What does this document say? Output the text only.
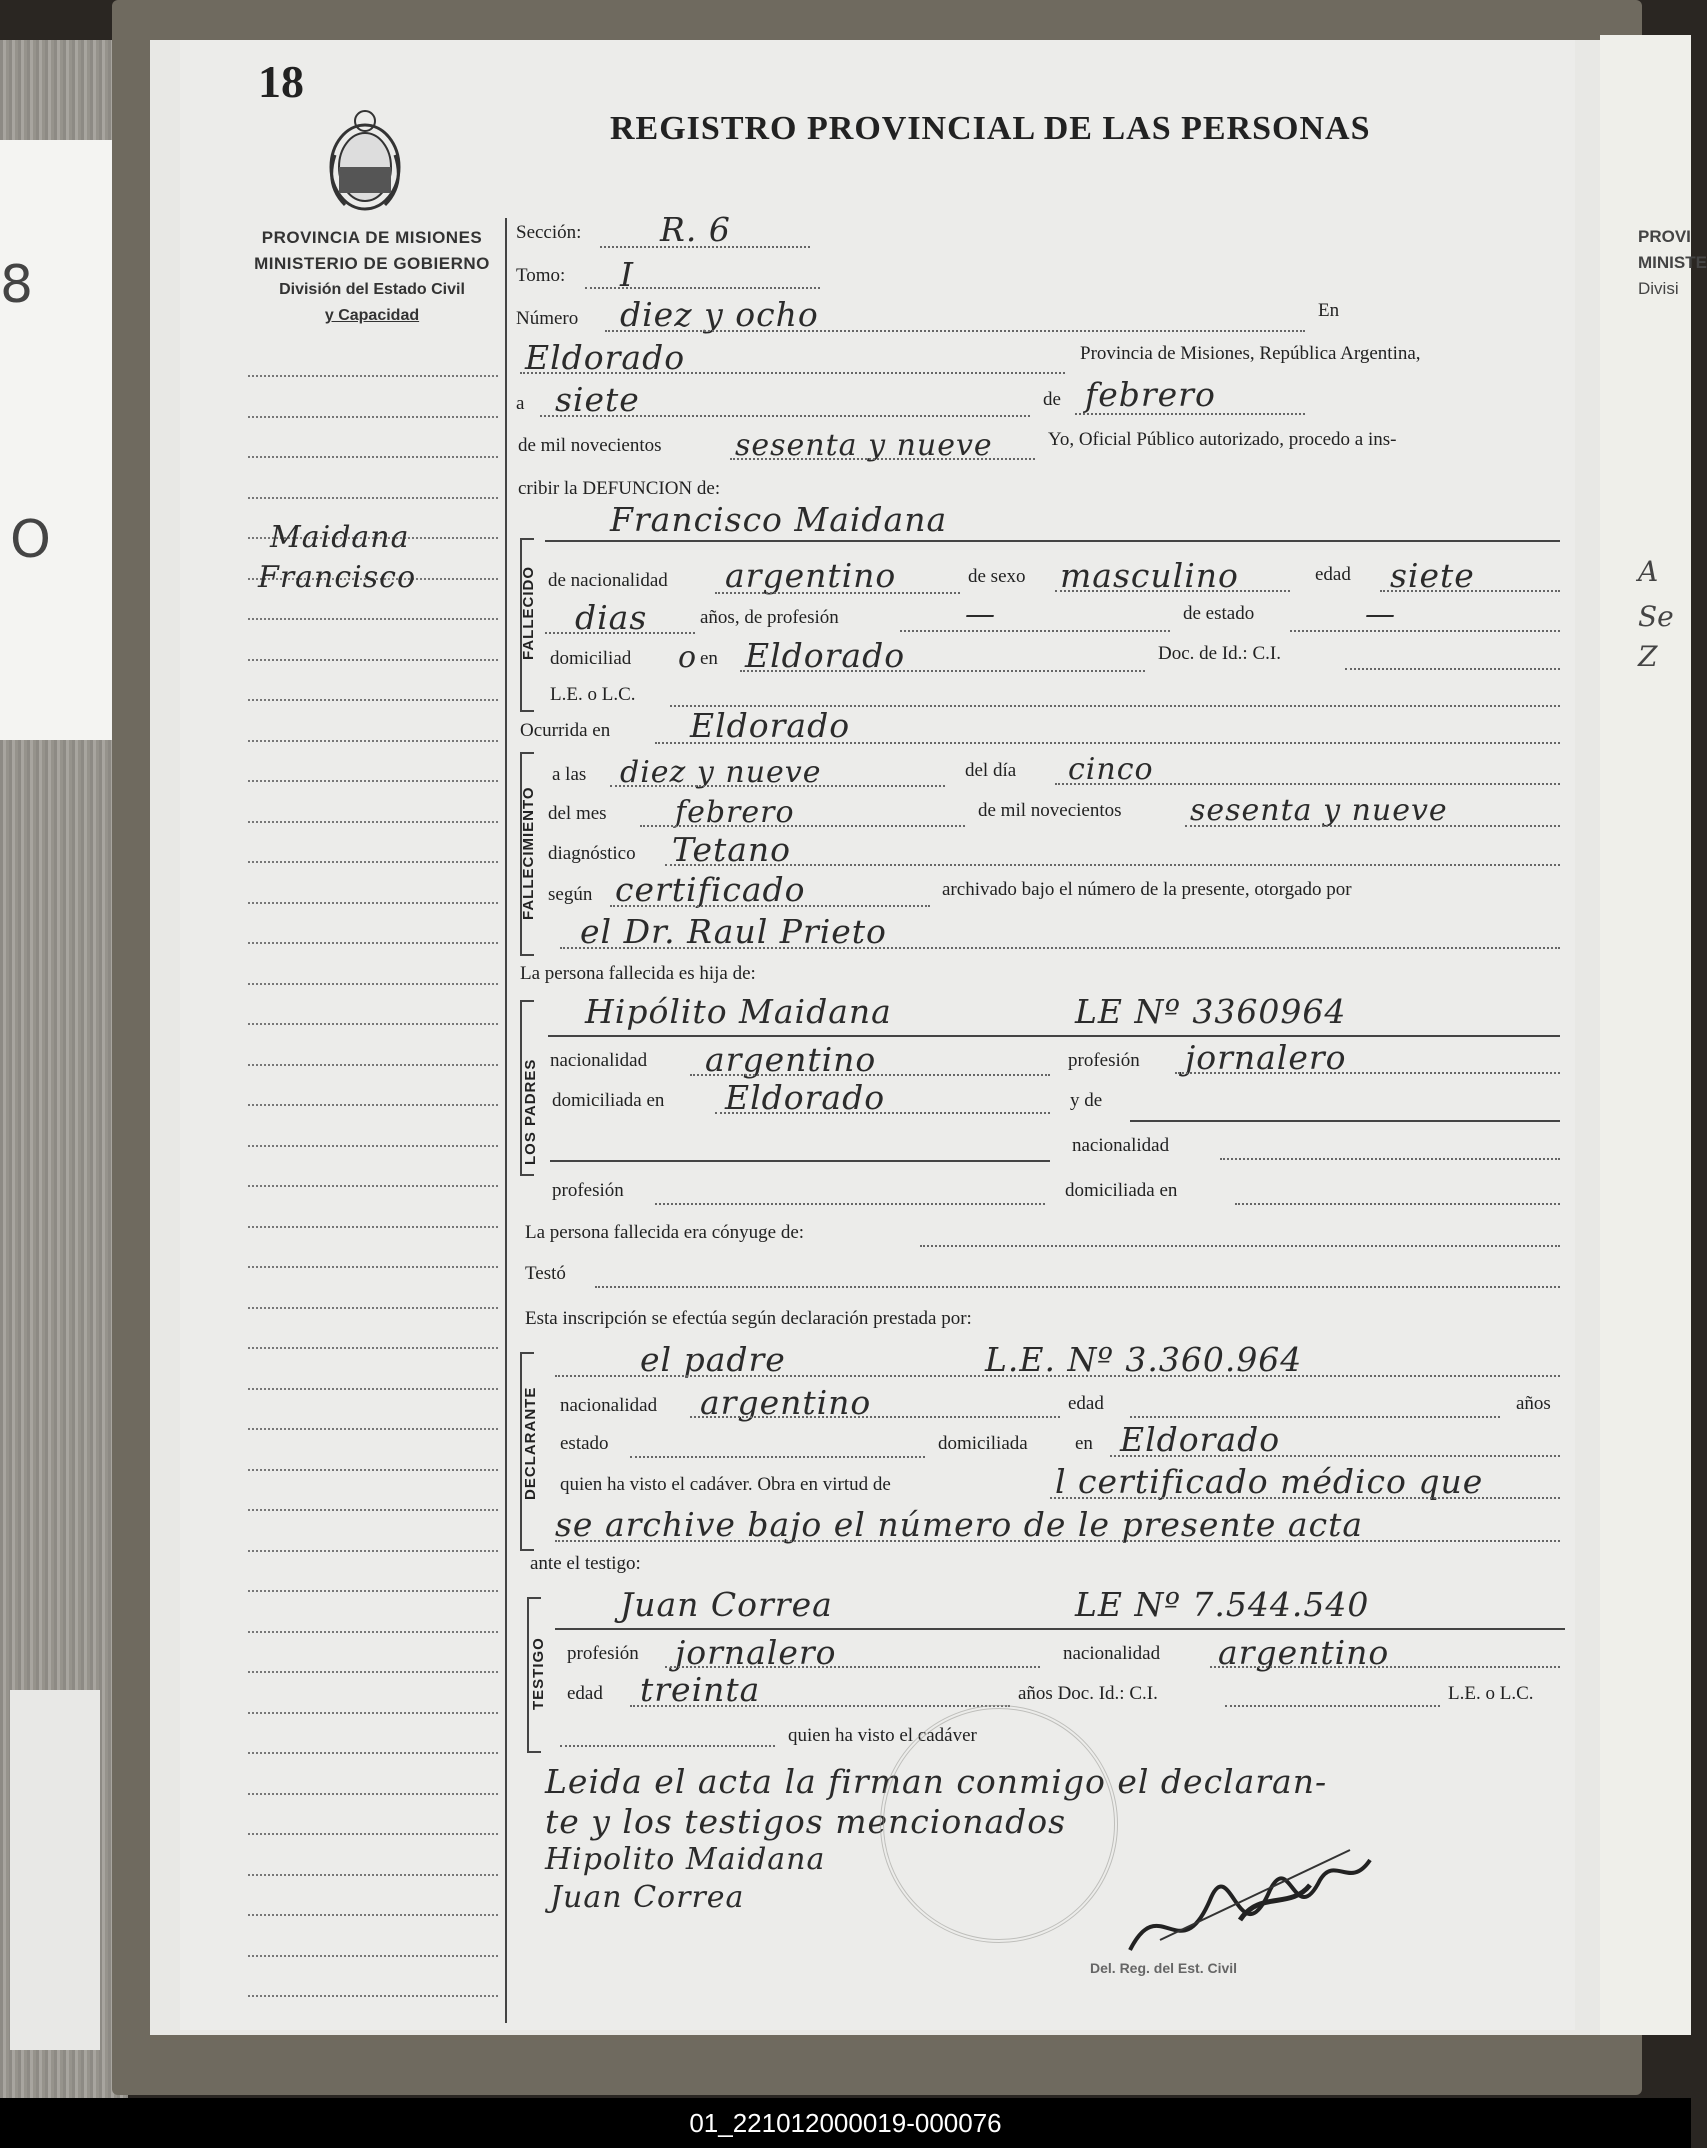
8
O
PROVI
MINISTE
Divisi
A
Se
Z
18
REGISTRO PROVINCIAL DE LAS PERSONAS
PROVINCIA DE MISIONES
MINISTERIO DE GOBIERNO
División del Estado Civil
y Capacidad
Maidana
Francisco
Sección: R. 6
Tomo: I
Número diez y ocho	En
Eldorado	Provincia de Misiones, República Argentina,
a siete	de febrero
de mil novecientos sesenta y nueve	Yo, Oficial Público autorizado, procedo a ins-
cribir la DEFUNCION de:
FALLECIDO
Francisco Maidana
de nacionalidad argentino	de sexo masculino	edad siete
dias	años, de profesión	—	de estado	—
domiciliad o en Eldorado	Doc. de Id.: C.I.
L.E. o L.C.
Ocurrida en Eldorado
FALLECIMIENTO
a las diez y nueve	del día cinco
del mes febrero	de mil novecientos sesenta y nueve
diagnóstico Tetano
según certificado	archivado bajo el número de la presente, otorgado por
el Dr. Raul Prieto
La persona fallecida es hija de:
LOS PADRES
Hipólito Maidana	LE Nº 3360964
nacionalidad argentino	profesión jornalero
domiciliada en Eldorado	y de
nacionalidad
profesión	domiciliada en
La persona fallecida era cónyuge de:
Testó
Esta inscripción se efectúa según declaración prestada por:
DECLARANTE
el padre	L.E. Nº 3.360.964
nacionalidad argentino	edad	años
estado	domiciliada en Eldorado
quien ha visto el cadáver. Obra en virtud de	l certificado médico que
se archive bajo el número de le presente acta
ante el testigo:
TESTIGO
Juan Correa	LE Nº 7.544.540
profesión jornalero	nacionalidad argentino
edad treinta	años Doc. Id.: C.I.	L.E. o L.C.
quien ha visto el cadáver
Leida el acta la firman conmigo el declaran-
te y los testigos mencionados
Hipolito Maidana
Juan Correa
Del. Reg. del Est. Civil
01_221012000019-000076
